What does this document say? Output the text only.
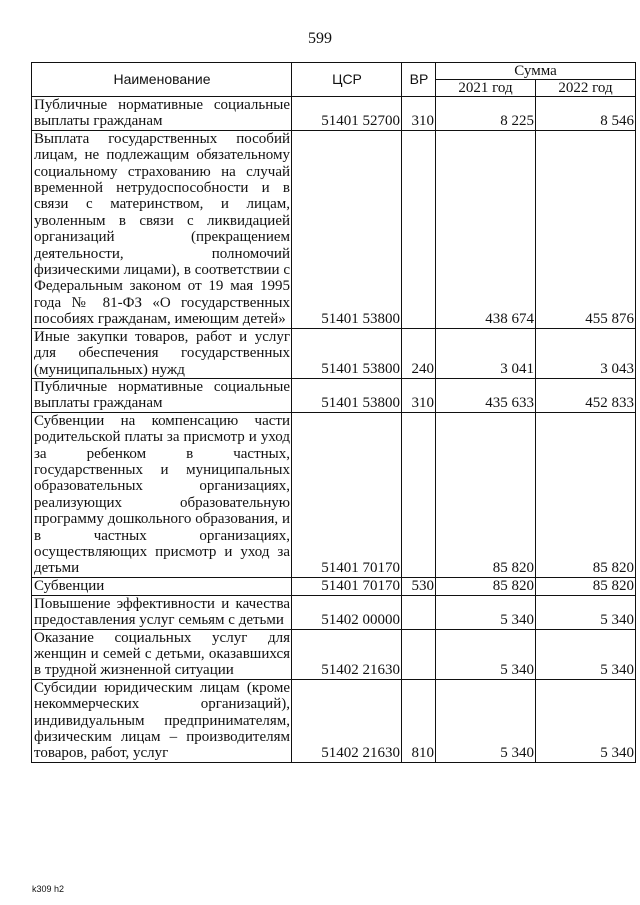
599
Наименование	ЦСР	ВР	Сумма	
			2021 год	2022 год
Публичные нормативные социальные выплаты гражданам	51401 52700	310	8 225	8 546
Выплата государственных пособий лицам, не подлежащим обязательному социальному страхованию на случай временной нетрудоспособности и в связи с материнством, и лицам, уволенным в связи с ликвидацией организаций (прекращением деятельности, полномочий физическими лицами), в соответствии с Федеральным законом от 19 мая 1995 года № 81-ФЗ «О государственных пособиях гражданам, имеющим детей»	51401 53800		438 674	455 876
Иные закупки товаров, работ и услуг для обеспечения государственных (муниципальных) нужд	51401 53800	240	3 041	3 043
Публичные нормативные социальные выплаты гражданам	51401 53800	310	435 633	452 833
Субвенции на компенсацию части родительской платы за присмотр и уход за ребенком в частных, государственных и муниципальных образовательных организациях, реализующих образовательную программу дошкольного образования, и в частных организациях, осуществляющих присмотр и уход за детьми	51401 70170		85 820	85 820
Субвенции	51401 70170	530	85 820	85 820
Повышение эффективности и качества предоставления услуг семьям с детьми	51402 00000		5 340	5 340
Оказание социальных услуг для женщин и семей с детьми, оказавшихся в трудной жизненной ситуации	51402 21630		5 340	5 340
Субсидии юридическим лицам (кроме некоммерческих организаций), индивидуальным предпринимателям, физическим лицам – производителям товаров, работ, услуг	51402 21630	810	5 340	5 340
k309 h2
